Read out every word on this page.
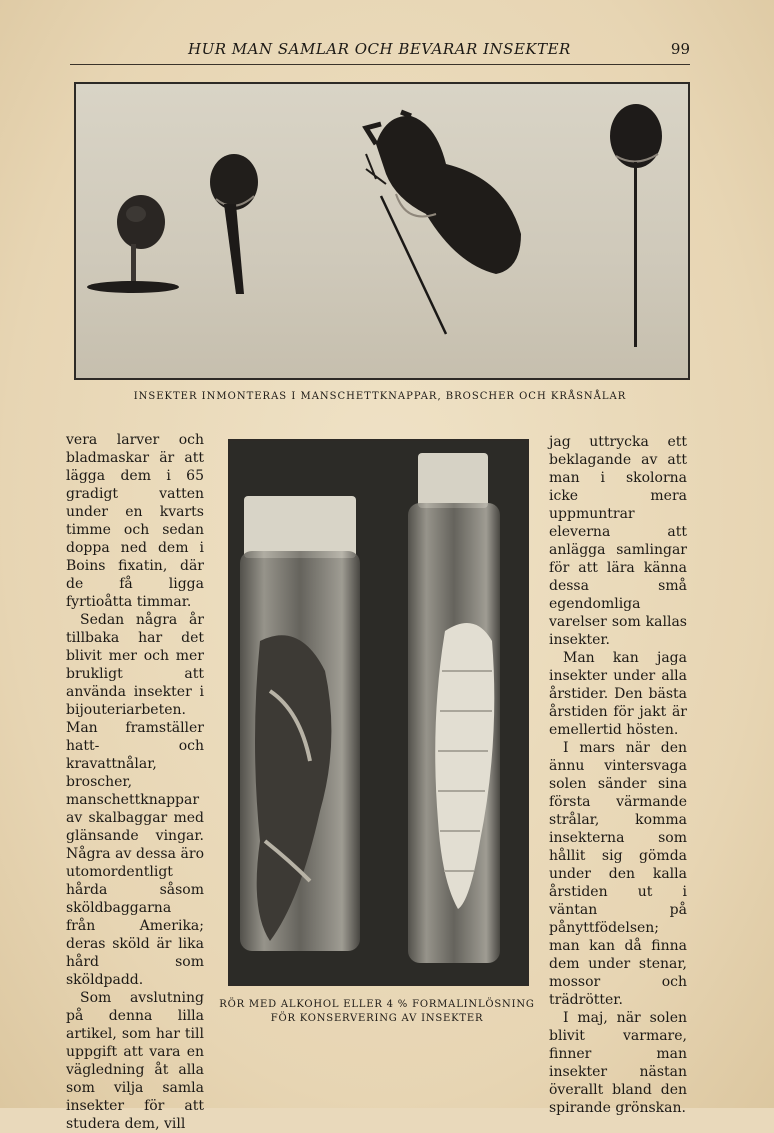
HUR MAN SAMLAR OCH BEVARAR INSEKTER	99
INSEKTER INMONTERAS I MANSCHETTKNAPPAR, BROSCHER OCH KRÅSNÅLAR

vera larver och bladmaskar är att lägga dem i 65 gradigt vatten under en kvarts timme och sedan doppa ned dem i Boins fixatin, där de få ligga fyrtioåtta timmar.

Sedan några år tillbaka har det blivit mer och mer brukligt att använda insekter i bijouteriarbeten. Man framställer hatt- och kravattnålar, broscher, manschettknappar av skalbaggar med glänsande vingar. Några av dessa äro utomordentligt hårda såsom sköldbaggarna från Amerika; deras sköld är lika hård som sköldpadd.

Som avslutning på denna lilla artikel, som har till uppgift att vara en vägledning åt alla som vilja samla insekter för att studera dem, vill

RÖR MED ALKOHOL ELLER 4 % FORMALINLÖSNING FÖR KONSERVERING AV INSEKTER

jag uttrycka ett beklagande av att man i skolorna icke mera uppmuntrar eleverna att anlägga samlingar för att lära känna dessa små egendomliga varelser som kallas insekter.

Man kan jaga insekter under alla årstider. Den bästa årstiden för jakt är emellertid hösten.

I mars när den ännu vintersvaga solen sänder sina första värmande strålar, komma insekterna som hållit sig gömda under den kalla årstiden ut i väntan på pånyttfödelsen; man kan då finna dem under stenar, mossor och trädrötter.

I maj, när solen blivit varmare, finner man insekter nästan överallt bland den spirande grönskan.
